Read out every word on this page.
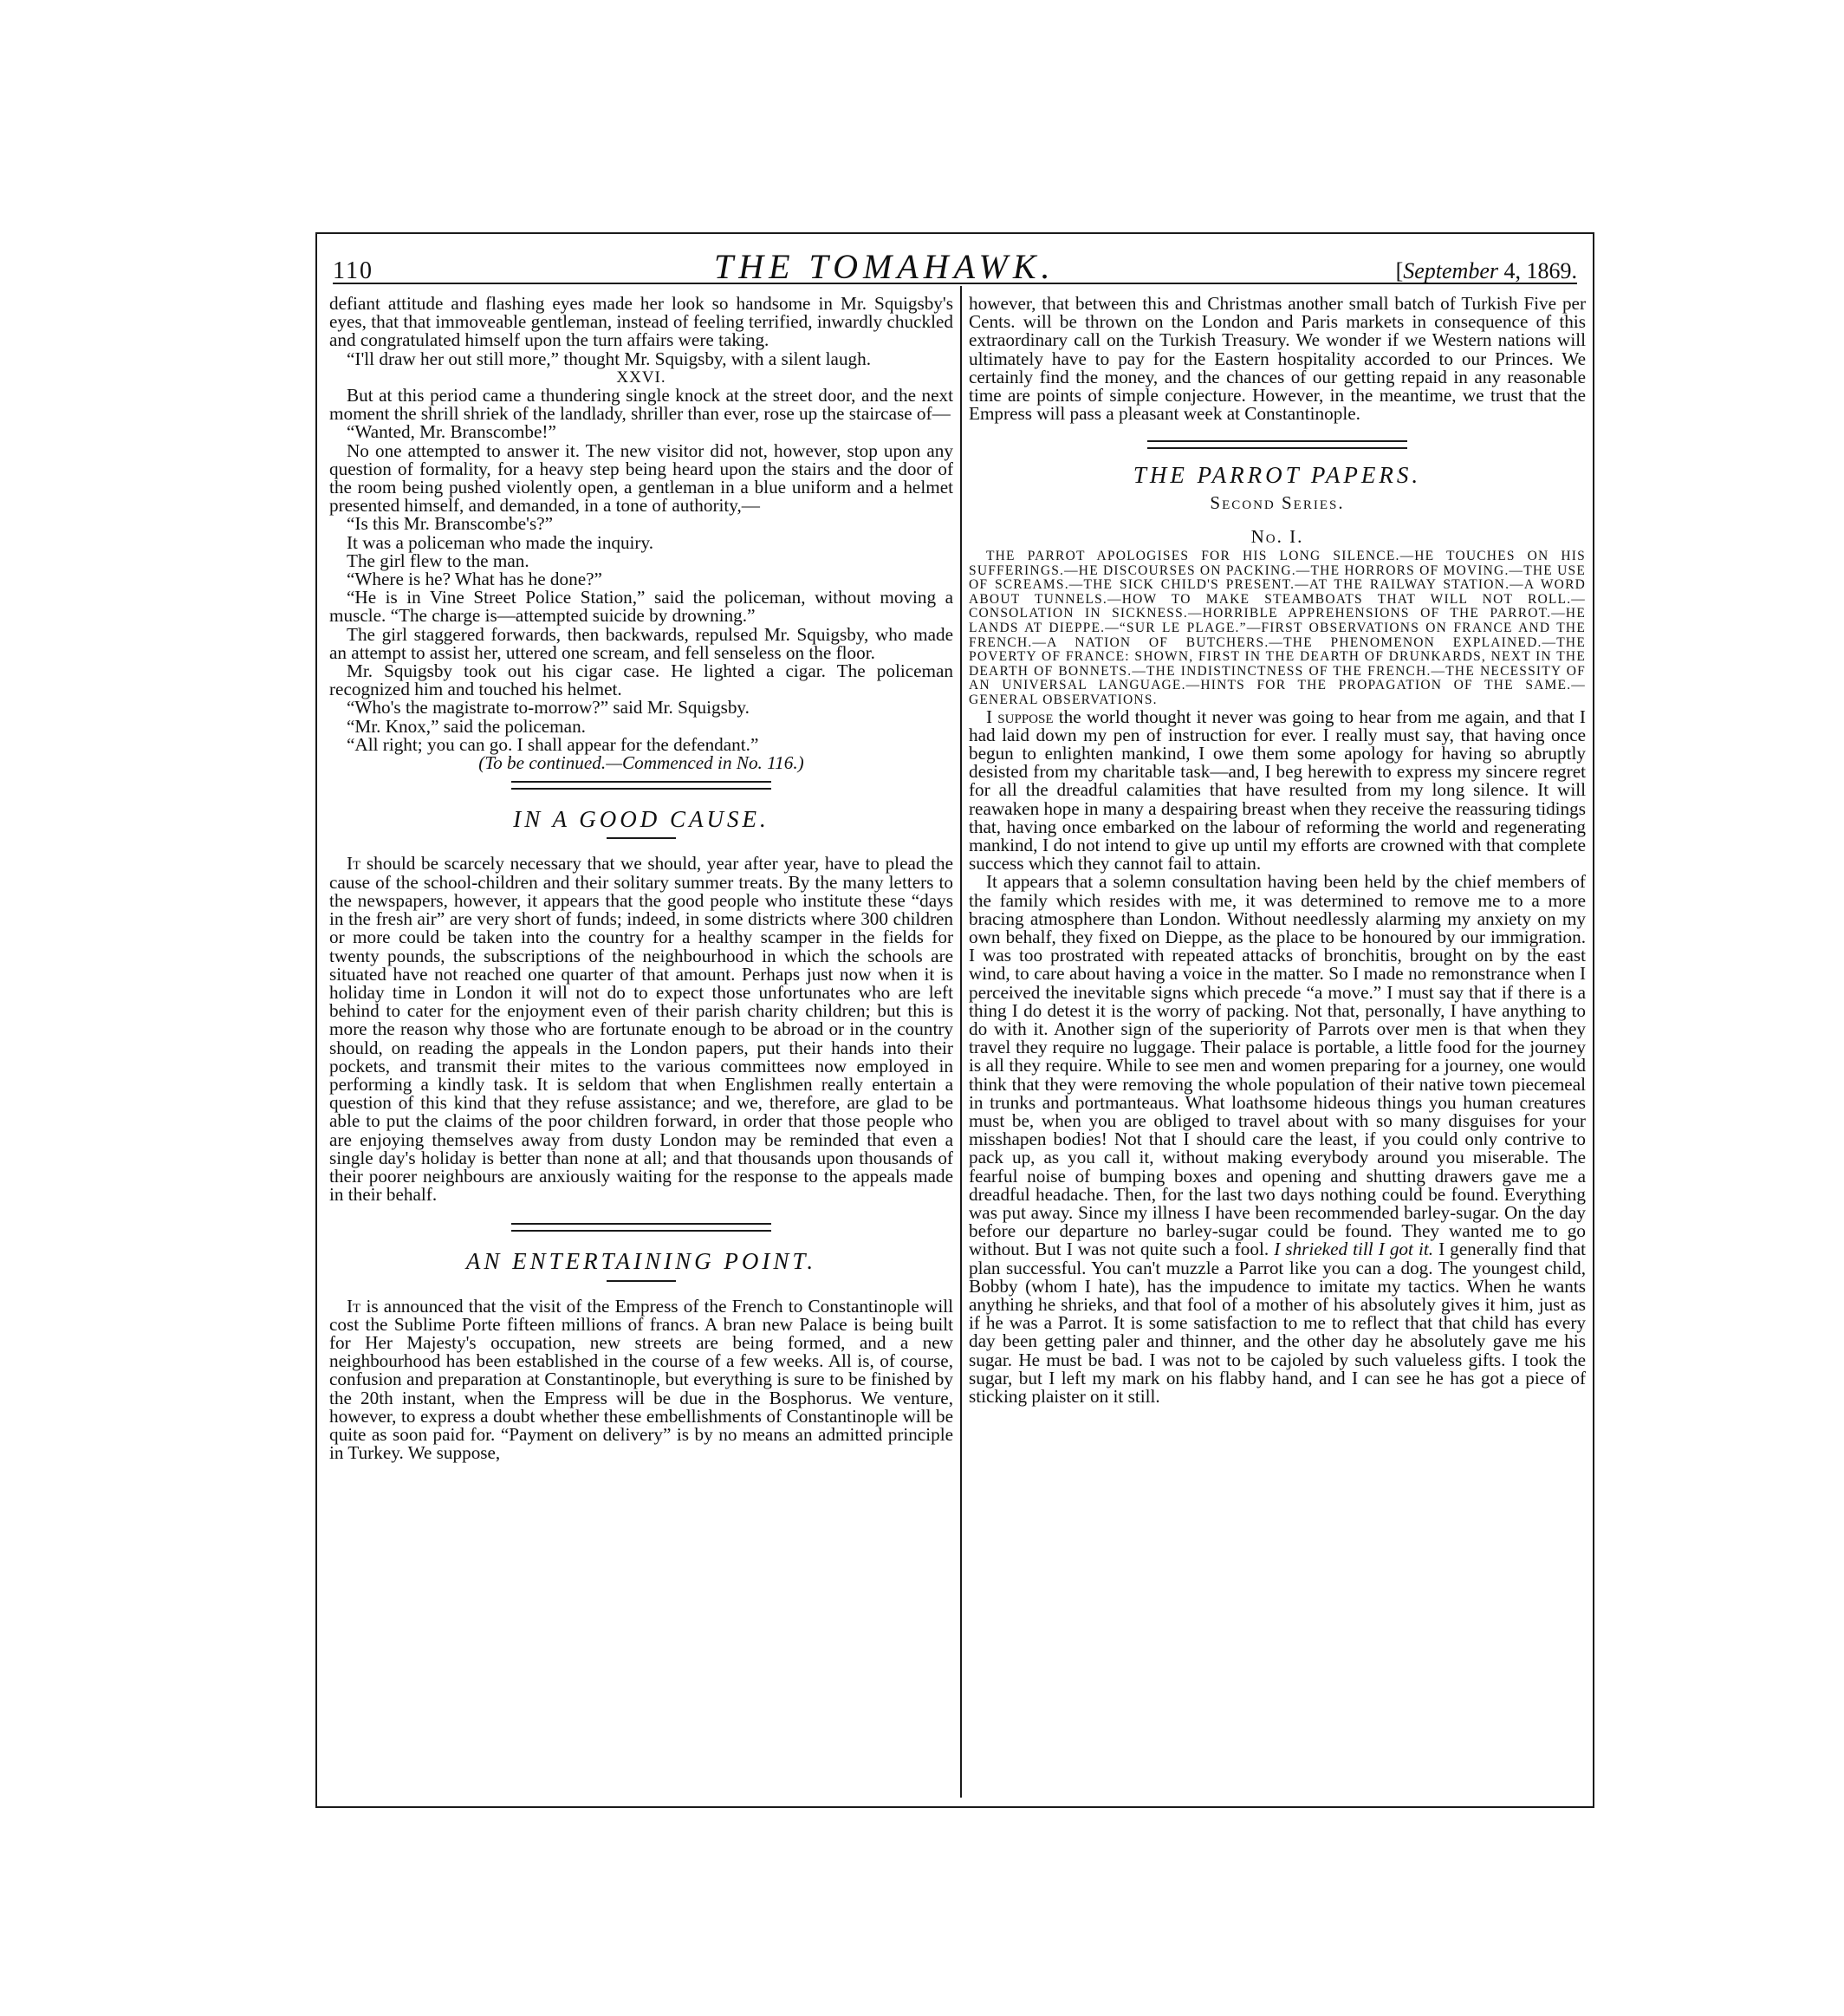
110	THE TOMAHAWK.	[September 4, 1869.

defiant attitude and flashing eyes made her look so handsome in Mr. Squigsby's eyes, that that immoveable gentleman, instead of feeling terrified, inwardly chuckled and congratulated himself upon the turn affairs were taking.

“I'll draw her out still more,” thought Mr. Squigsby, with a silent laugh.

XXVI.

But at this period came a thundering single knock at the street door, and the next moment the shrill shriek of the landlady, shriller than ever, rose up the staircase of—

“Wanted, Mr. Branscombe!”

No one attempted to answer it. The new visitor did not, however, stop upon any question of formality, for a heavy step being heard upon the stairs and the door of the room being pushed violently open, a gentleman in a blue uniform and a helmet presented himself, and demanded, in a tone of authority,—

“Is this Mr. Branscombe's?”

It was a policeman who made the inquiry.

The girl flew to the man.

“Where is he? What has he done?”

“He is in Vine Street Police Station,” said the policeman, without moving a muscle. “The charge is—attempted suicide by drowning.”

The girl staggered forwards, then backwards, repulsed Mr. Squigsby, who made an attempt to assist her, uttered one scream, and fell senseless on the floor.

Mr. Squigsby took out his cigar case. He lighted a cigar. The policeman recognized him and touched his helmet.

“Who's the magistrate to-morrow?” said Mr. Squigsby.

“Mr. Knox,” said the policeman.

“All right; you can go. I shall appear for the defendant.”

(To be continued.—Commenced in No. 116.)

IN A GOOD CAUSE.

It should be scarcely necessary that we should, year after year, have to plead the cause of the school-children and their solitary summer treats. By the many letters to the newspapers, however, it appears that the good people who institute these “days in the fresh air” are very short of funds; indeed, in some districts where 300 children or more could be taken into the country for a healthy scamper in the fields for twenty pounds, the subscriptions of the neighbourhood in which the schools are situated have not reached one quarter of that amount. Perhaps just now when it is holiday time in London it will not do to expect those unfortunates who are left behind to cater for the enjoyment even of their parish charity children; but this is more the reason why those who are fortunate enough to be abroad or in the country should, on reading the appeals in the London papers, put their hands into their pockets, and transmit their mites to the various committees now employed in performing a kindly task. It is seldom that when Englishmen really entertain a question of this kind that they refuse assistance; and we, therefore, are glad to be able to put the claims of the poor children forward, in order that those people who are enjoying themselves away from dusty London may be reminded that even a single day's holiday is better than none at all; and that thousands upon thousands of their poorer neighbours are anxiously waiting for the response to the appeals made in their behalf.

AN ENTERTAINING POINT.

It is announced that the visit of the Empress of the French to Constantinople will cost the Sublime Porte fifteen millions of francs. A bran new Palace is being built for Her Majesty's occupation, new streets are being formed, and a new neighbourhood has been established in the course of a few weeks. All is, of course, confusion and preparation at Constantinople, but everything is sure to be finished by the 20th instant, when the Empress will be due in the Bosphorus. We venture, however, to express a doubt whether these embellishments of Constantinople will be quite as soon paid for. “Payment on delivery” is by no means an admitted principle in Turkey. We suppose,

however, that between this and Christmas another small batch of Turkish Five per Cents. will be thrown on the London and Paris markets in consequence of this extraordinary call on the Turkish Treasury. We wonder if we Western nations will ultimately have to pay for the Eastern hospitality accorded to our Princes. We certainly find the money, and the chances of our getting repaid in any reasonable time are points of simple conjecture. However, in the meantime, we trust that the Empress will pass a pleasant week at Constantinople.

THE PARROT PAPERS.
Second Series.
No. I.

THE PARROT APOLOGISES FOR HIS LONG SILENCE.—HE TOUCHES ON HIS SUFFERINGS.—HE DISCOURSES ON PACKING.—THE HORRORS OF MOVING.—THE USE OF SCREAMS.—THE SICK CHILD'S PRESENT.—AT THE RAILWAY STATION.—A WORD ABOUT TUNNELS.—HOW TO MAKE STEAMBOATS THAT WILL NOT ROLL.—CONSOLATION IN SICKNESS.—HORRIBLE APPREHENSIONS OF THE PARROT.—HE LANDS AT DIEPPE.—“SUR LE PLAGE.”—FIRST OBSERVATIONS ON FRANCE AND THE FRENCH.—A NATION OF BUTCHERS.—THE PHENOMENON EXPLAINED.—THE POVERTY OF FRANCE: SHOWN, FIRST IN THE DEARTH OF DRUNKARDS, NEXT IN THE DEARTH OF BONNETS.—THE INDISTINCTNESS OF THE FRENCH.—THE NECESSITY OF AN UNIVERSAL LANGUAGE.—HINTS FOR THE PROPAGATION OF THE SAME.—GENERAL OBSERVATIONS.

I suppose the world thought it never was going to hear from me again, and that I had laid down my pen of instruction for ever. I really must say, that having once begun to enlighten mankind, I owe them some apology for having so abruptly desisted from my charitable task—and, I beg herewith to express my sincere regret for all the dreadful calamities that have resulted from my long silence. It will reawaken hope in many a despairing breast when they receive the reassuring tidings that, having once embarked on the labour of reforming the world and regenerating mankind, I do not intend to give up until my efforts are crowned with that complete success which they cannot fail to attain.

It appears that a solemn consultation having been held by the chief members of the family which resides with me, it was determined to remove me to a more bracing atmosphere than London. Without needlessly alarming my anxiety on my own behalf, they fixed on Dieppe, as the place to be honoured by our immigration. I was too prostrated with repeated attacks of bronchitis, brought on by the east wind, to care about having a voice in the matter. So I made no remonstrance when I perceived the inevitable signs which precede “a move.” I must say that if there is a thing I do detest it is the worry of packing. Not that, personally, I have anything to do with it. Another sign of the superiority of Parrots over men is that when they travel they require no luggage. Their palace is portable, a little food for the journey is all they require. While to see men and women preparing for a journey, one would think that they were removing the whole population of their native town piecemeal in trunks and portmanteaus. What loathsome hideous things you human creatures must be, when you are obliged to travel about with so many disguises for your misshapen bodies! Not that I should care the least, if you could only contrive to pack up, as you call it, without making everybody around you miserable. The fearful noise of bumping boxes and opening and shutting drawers gave me a dreadful headache. Then, for the last two days nothing could be found. Everything was put away. Since my illness I have been recommended barley-sugar. On the day before our departure no barley-sugar could be found. They wanted me to go without. But I was not quite such a fool. I shrieked till I got it. I generally find that plan successful. You can't muzzle a Parrot like you can a dog. The youngest child, Bobby (whom I hate), has the impudence to imitate my tactics. When he wants anything he shrieks, and that fool of a mother of his absolutely gives it him, just as if he was a Parrot. It is some satisfaction to me to reflect that that child has every day been getting paler and thinner, and the other day he absolutely gave me his sugar. He must be bad. I was not to be cajoled by such valueless gifts. I took the sugar, but I left my mark on his flabby hand, and I can see he has got a piece of sticking plaister on it still.
